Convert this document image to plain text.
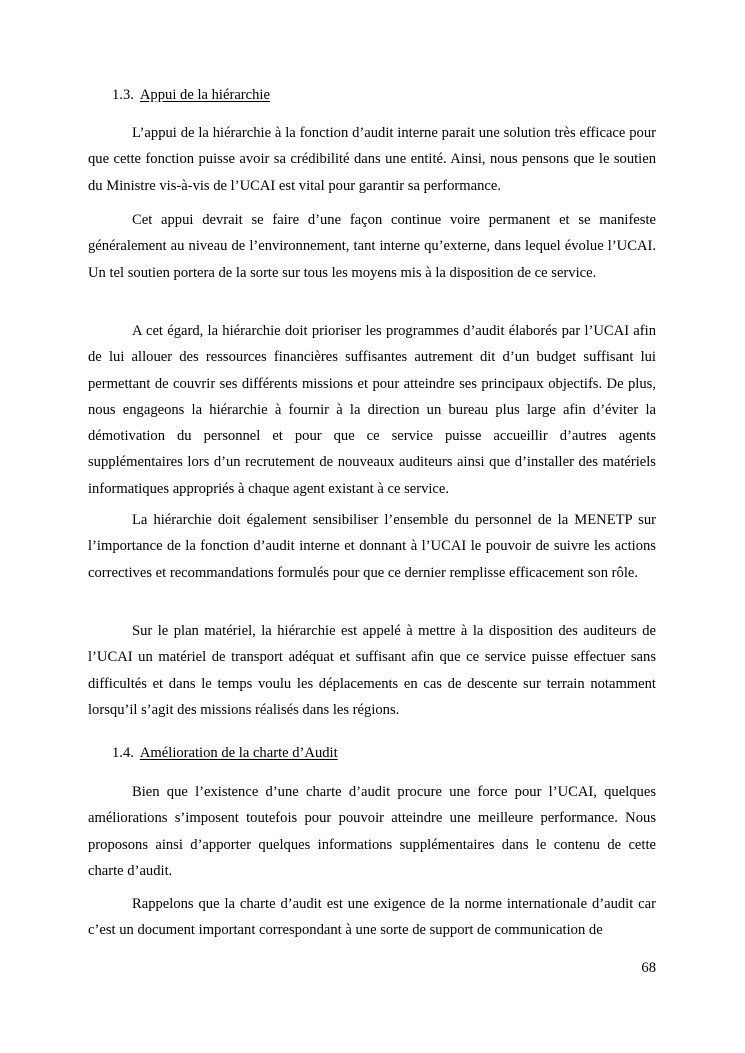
1.3. Appui de la hiérarchie

L’appui de la hiérarchie à la fonction d’audit interne parait une solution très efficace pour que cette fonction puisse avoir sa crédibilité dans une entité. Ainsi, nous pensons que le soutien du Ministre vis-à-vis de l’UCAI est vital pour garantir sa performance.

Cet appui devrait se faire d’une façon continue voire permanent et se manifeste généralement au niveau de l’environnement, tant interne qu’externe, dans lequel évolue l’UCAI. Un tel soutien portera de la sorte sur tous les moyens mis à la disposition de ce service.

A cet égard, la hiérarchie doit prioriser les programmes d’audit élaborés par l’UCAI afin de lui allouer des ressources financières suffisantes autrement dit d’un budget suffisant lui permettant de couvrir ses différents missions et pour atteindre ses principaux objectifs. De plus, nous engageons la hiérarchie à fournir à la direction un bureau plus large afin d’éviter la démotivation du personnel et pour que ce service puisse accueillir d’autres agents supplémentaires lors d’un recrutement de nouveaux auditeurs ainsi que d’installer des matériels informatiques appropriés à chaque agent existant à ce service.

La hiérarchie doit également sensibiliser l’ensemble du personnel de la MENETP sur l’importance de la fonction d’audit interne et donnant à l’UCAI le pouvoir de suivre les actions correctives et recommandations formulés pour que ce dernier remplisse efficacement son rôle.

Sur le plan matériel, la hiérarchie est appelé à mettre à la disposition des auditeurs de l’UCAI un matériel de transport adéquat et suffisant afin que ce service puisse effectuer sans difficultés et dans le temps voulu les déplacements en cas de descente sur terrain notamment lorsqu’il s’agit des missions réalisés dans les régions.

1.4. Amélioration de la charte d’Audit

Bien que l’existence d’une charte d’audit procure une force pour l’UCAI, quelques améliorations s’imposent toutefois pour pouvoir atteindre une meilleure performance. Nous proposons ainsi d’apporter quelques informations supplémentaires dans le contenu de cette charte d’audit.

Rappelons que la charte d’audit est une exigence de la norme internationale d’audit car c’est un document important correspondant à une sorte de support de communication de

68
